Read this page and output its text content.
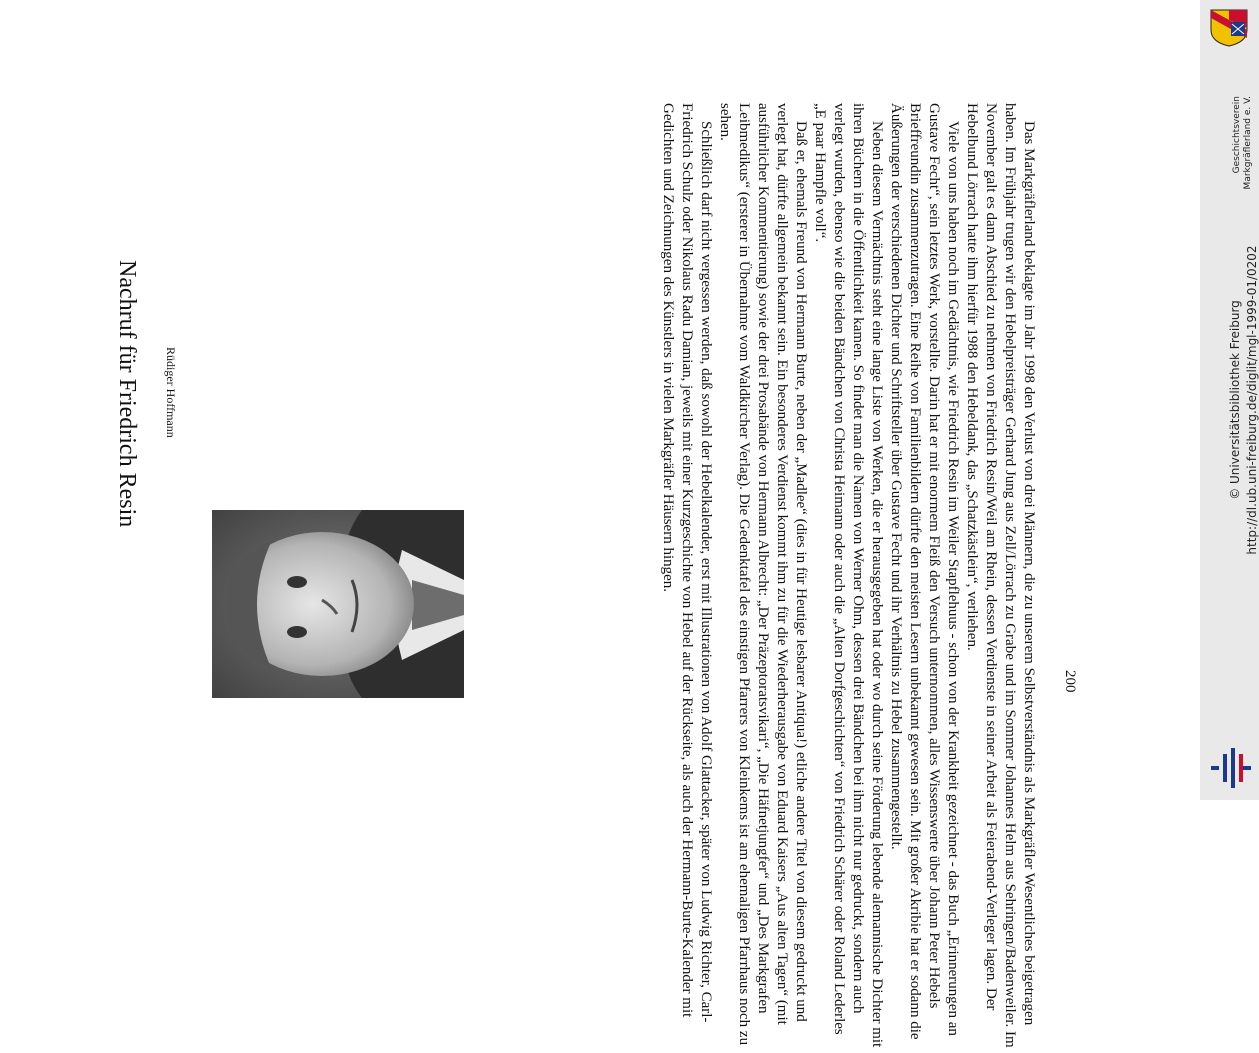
Nachruf für Friedrich Resin Rüdiger Hoffmann	Das Markgräflerland beklagte im Jahr 1998 den Verlust von drei Männern, die zu unserem Selbstverständnis als Markgräfler Wesentliches beigetragen haben. Im Frühjahr trugen wir den Hebelpreisträger Gerhard Jung aus Zell/Lörrach zu Grabe und im Sommer Johannes Helm aus Sehringen/Badenweiler. Im November galt es dann Abschied zu nehmen von Friedrich Resin/Weil am Rhein, dessen Verdienste in seiner Arbeit als Feierabend-Verleger lagen. Der Hebelbund Lörrach hatte ihm hierfür 1988 den Hebeldank, das „Schatzkästlein“, verliehen.

Viele von uns haben noch im Gedächtnis, wie Friedrich Resin im Weiler Stapflehuus - schon von der Krankheit gezeichnet - das Buch „Erinnerungen an Gustave Fecht“, sein letztes Werk, vorstellte. Darin hat er mit enormem Fleiß den Versuch unternommen, alles Wissenswerte über Johann Peter Hebels Brieffreundin zusammenzutragen. Eine Reihe von Familienbildern dürfte den meisten Lesern unbekannt gewesen sein. Mit großer Akribie hat er sodann die Äußerungen der verschiedenen Dichter und Schriftsteller über Gustave Fecht und ihr Verhältnis zu Hebel zusammengestellt.

Neben diesem Vermächtnis steht eine lange Liste von Werken, die er herausgegeben hat oder wo durch seine Förderung lebende alemannische Dichter mit ihren Büchern in die Öffentlichkeit kamen. So findet man die Namen von Werner Ohm, dessen drei Bändchen bei ihm nicht nur gedruckt, sondern auch verlegt wurden, ebenso wie die beiden Bändchen von Christa Heimann oder auch die „Alten Dorfgeschichten“ von Friedrich Schärer oder Roland Lederles „E paar Hampfle voll“.

Daß er, ehemals Freund von Hermann Burte, neben der „Madlee“ (dies in für Heutige lesbarer Antiqua!) etliche andere Titel von diesem gedruckt und verlegt hat, dürfte allgemein bekannt sein. Ein besonderes Verdienst kommt ihm zu für die Wiederherausgabe von Eduard Kaisers „Aus alten Tagen“ (mit ausführlicher Kommentierung) sowie der drei Prosabände von Hermann Albrecht: „Der Präzeptoratsvikari“, „Die Häfnetjungfer“ und „Des Markgrafen Leibmedikus“ (ersterer in Übernahme vom Waldkircher Verlag). Die Gedenktafel des einstigen Pfarrers von Kleinkems ist am ehemaligen Pfarrhaus noch zu sehen.

Schließlich darf nicht vergessen werden, daß sowohl der Hebelkalender, erst mit Illustrationen von Adolf Glattacker, später von Ludwig Richter, Carl-Friedrich Schulz oder Nikolaus Radu Damian, jeweils mit einer Kurzgeschichte von Hebel auf der Rückseite, als auch der Hermann-Burte-Kalender mit Gedichten und Zeichnungen des Künstlers in vielen Markgräfler Häusern hingen.

200
Geschichtsverein Markgräflerland e. V.
http://dl.ub.uni-freiburg.de/diglit/mgl-1999-01/0202
© Universitätsbibliothek Freiburg
